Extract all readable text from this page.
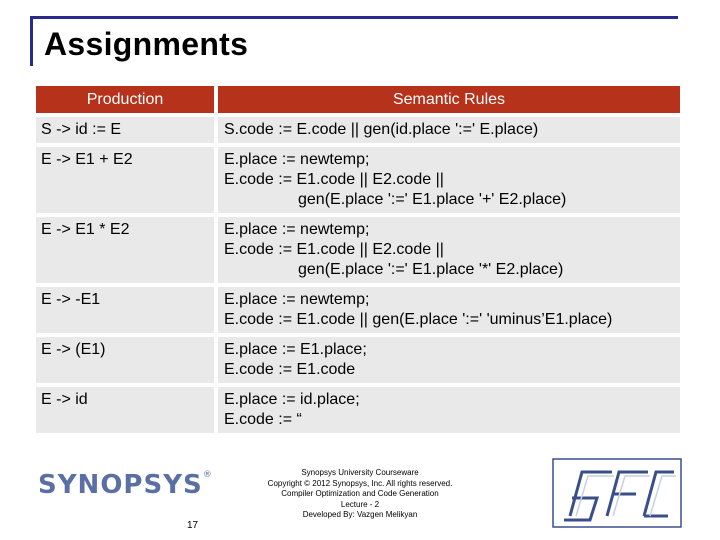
Assignments
Production	Semantic Rules
S -> id := E	S.code := E.code || gen(id.place ':=' E.place)

E -> E1 + E2	E.place := newtemp;
E.code := E1.code || E2.code ||
gen(E.place ':=' E1.place '+' E2.place)

E -> E1 * E2	E.place := newtemp;
E.code := E1.code || E2.code ||
gen(E.place ':=' E1.place '*' E2.place)

E -> -E1	E.place := newtemp;
E.code := E1.code || gen(E.place ':=' 'uminus’E1.place)

E -> (E1)	E.place := E1.place;
E.code := E1.code

E -> id	E.place := id.place;
E.code := “
SYNOPSYS®
17
Synopsys University Courseware
Copyright © 2012 Synopsys, Inc. All rights reserved.
Compiler Optimization and Code Generation
Lecture - 2
Developed By: Vazgen Melikyan
